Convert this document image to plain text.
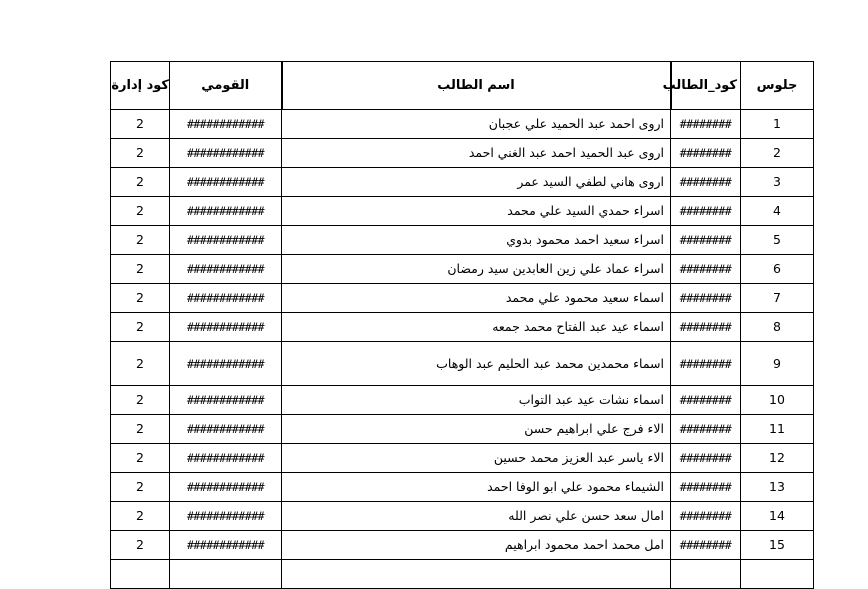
جلوس	كود_الطالب	اسم الطالب	القومي	كود إدارة
1	########	اروى احمد عبد الحميد علي عجبان	############	2
2	########	اروى عبد الحميد احمد عبد الغني احمد	############	2
3	########	اروى هاني لطفي السيد عمر	############	2
4	########	اسراء حمدي السيد علي محمد	############	2
5	########	اسراء سعيد احمد محمود بدوي	############	2
6	########	اسراء عماد علي زين العابدين سيد رمضان	############	2
7	########	اسماء سعيد محمود علي محمد	############	2
8	########	اسماء عيد عبد الفتاح محمد جمعه	############	2
9	########	اسماء محمدين محمد عبد الحليم عبد الوهاب	############	2
10	########	اسماء نشات عيد عبد التواب	############	2
11	########	الاء فرج علي ابراهيم حسن	############	2
12	########	الاء ياسر عبد العزيز محمد حسين	############	2
13	########	الشيماء محمود علي ابو الوفا احمد	############	2
14	########	امال سعد حسن علي نصر الله	############	2
15	########	امل محمد احمد محمود ابراهيم	############	2
